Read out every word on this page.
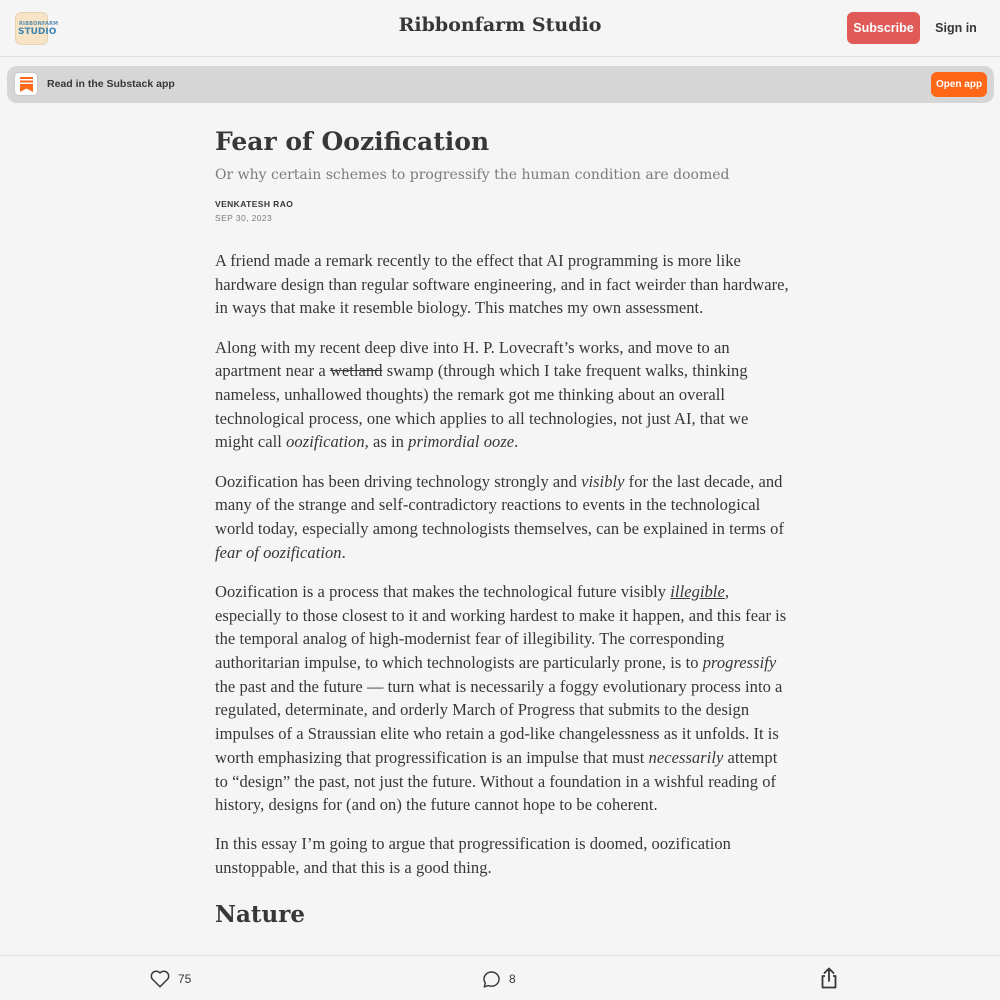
RIBBONFARM
STUDIO	Ribbonfarm Studio	Subscribe	Sign in
Read in the Substack app	Open app
Fear of Oozification
Or why certain schemes to progressify the human condition are doomed
VENKATESH RAO
SEP 30, 2023

A friend made a remark recently to the effect that AI programming is more like hardware design than regular software engineering, and in fact weirder than hardware, in ways that make it resemble biology. This matches my own assessment.

Along with my recent deep dive into H. P. Lovecraft’s works, and move to an apartment near a wetland swamp (through which I take frequent walks, thinking nameless, unhallowed thoughts) the remark got me thinking about an overall technological process, one which applies to all technologies, not just AI, that we might call oozification, as in primordial ooze.

Oozification has been driving technology strongly and visibly for the last decade, and many of the strange and self-contradictory reactions to events in the technological world today, especially among technologists themselves, can be explained in terms of fear of oozification.

Oozification is a process that makes the technological future visibly illegible, especially to those closest to it and working hardest to make it happen, and this fear is the temporal analog of high-modernist fear of illegibility. The corresponding authoritarian impulse, to which technologists are particularly prone, is to progressify the past and the future — turn what is necessarily a foggy evolutionary process into a regulated, determinate, and orderly March of Progress that submits to the design impulses of a Straussian elite who retain a god-like changelessness as it unfolds. It is worth emphasizing that progressification is an impulse that must necessarily attempt to “design” the past, not just the future. Without a foundation in a wishful reading of history, designs for (and on) the future cannot hope to be coherent.

In this essay I’m going to argue that progressification is doomed, oozification unstoppable, and that this is a good thing.

Nature
75	8
